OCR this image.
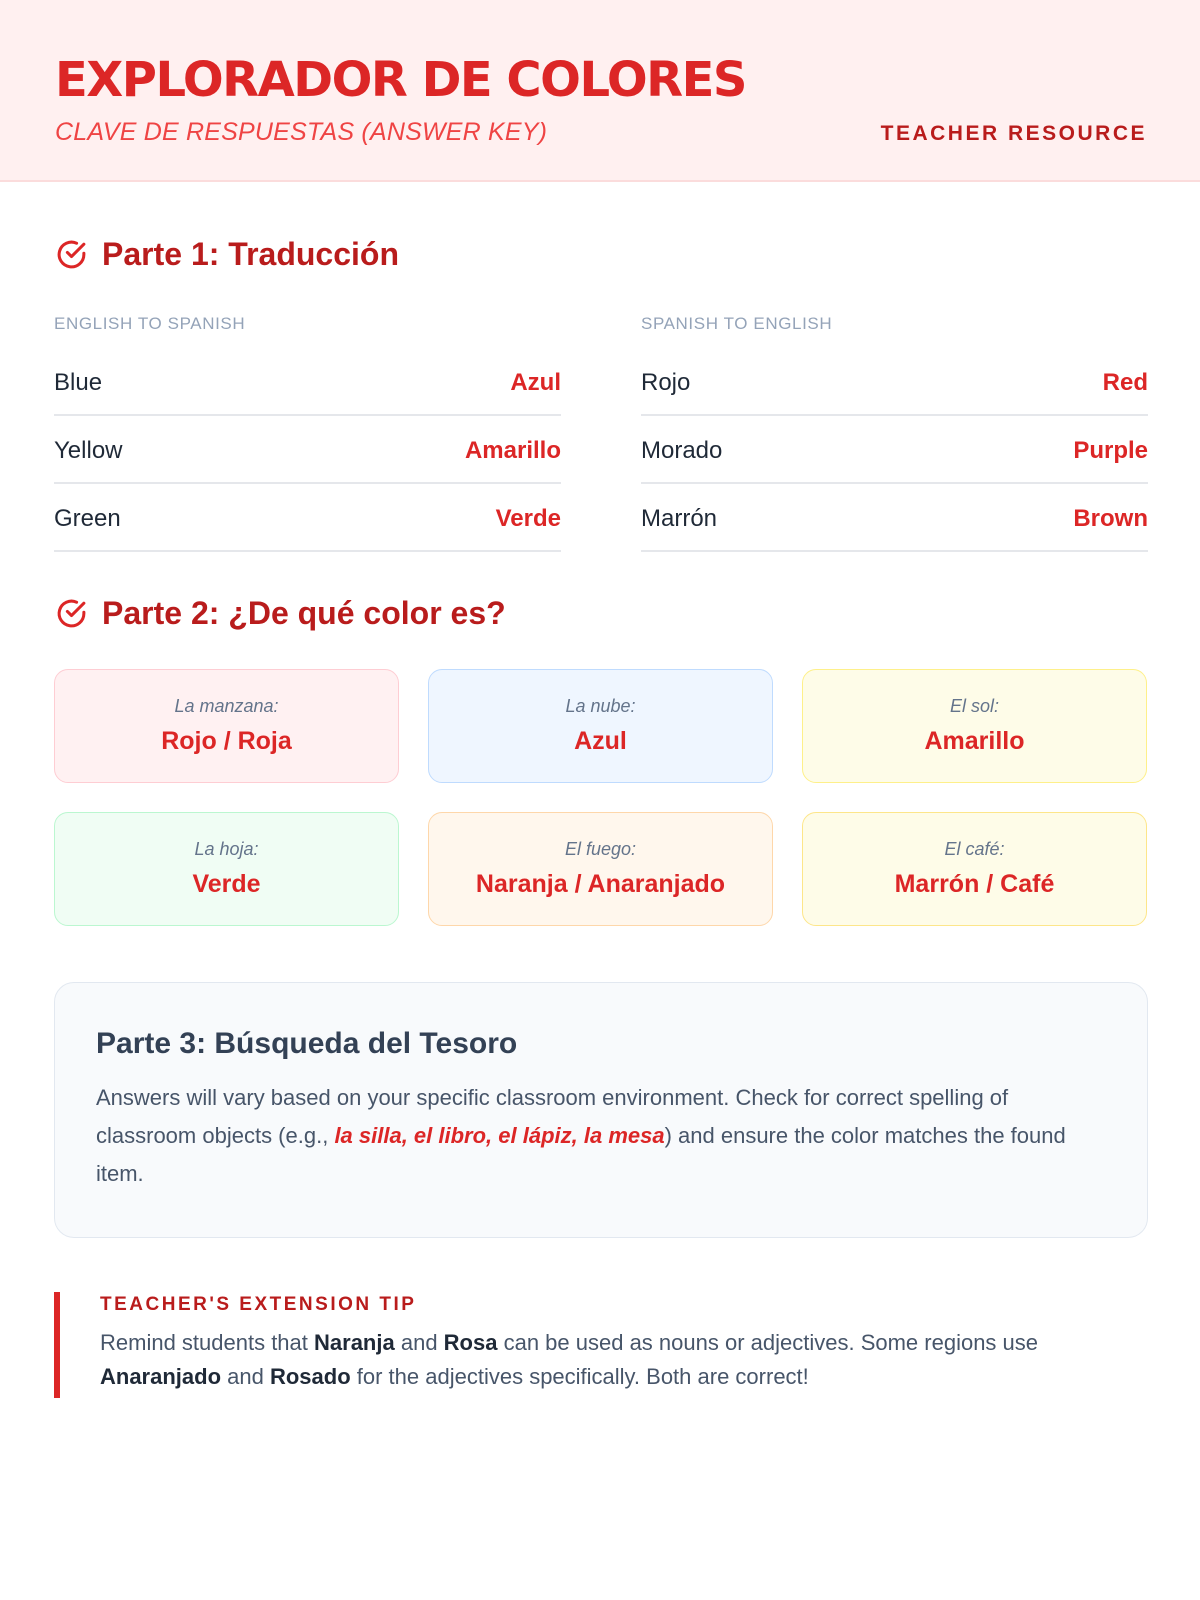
EXPLORADOR DE COLORES
CLAVE DE RESPUESTAS (ANSWER KEY)	TEACHER RESOURCE
Parte 1: Traducción
ENGLISH TO SPANISH	SPANISH TO ENGLISH
Blue	Azul
Yellow	Amarillo
Green	Verde
Rojo	Red
Morado	Purple
Marrón	Brown
Parte 2: ¿De qué color es?
La manzana:
Rojo / Roja
La nube:
Azul
El sol:
Amarillo
La hoja:
Verde
El fuego:
Naranja / Anaranjado
El café:
Marrón / Café
Parte 3: Búsqueda del Tesoro

Answers will vary based on your specific classroom environment. Check for correct spelling of classroom objects (e.g., la silla, el libro, el lápiz, la mesa) and ensure the color matches the found item.

TEACHER'S EXTENSION TIP

Remind students that Naranja and Rosa can be used as nouns or adjectives. Some regions use Anaranjado and Rosado for the adjectives specifically. Both are correct!
